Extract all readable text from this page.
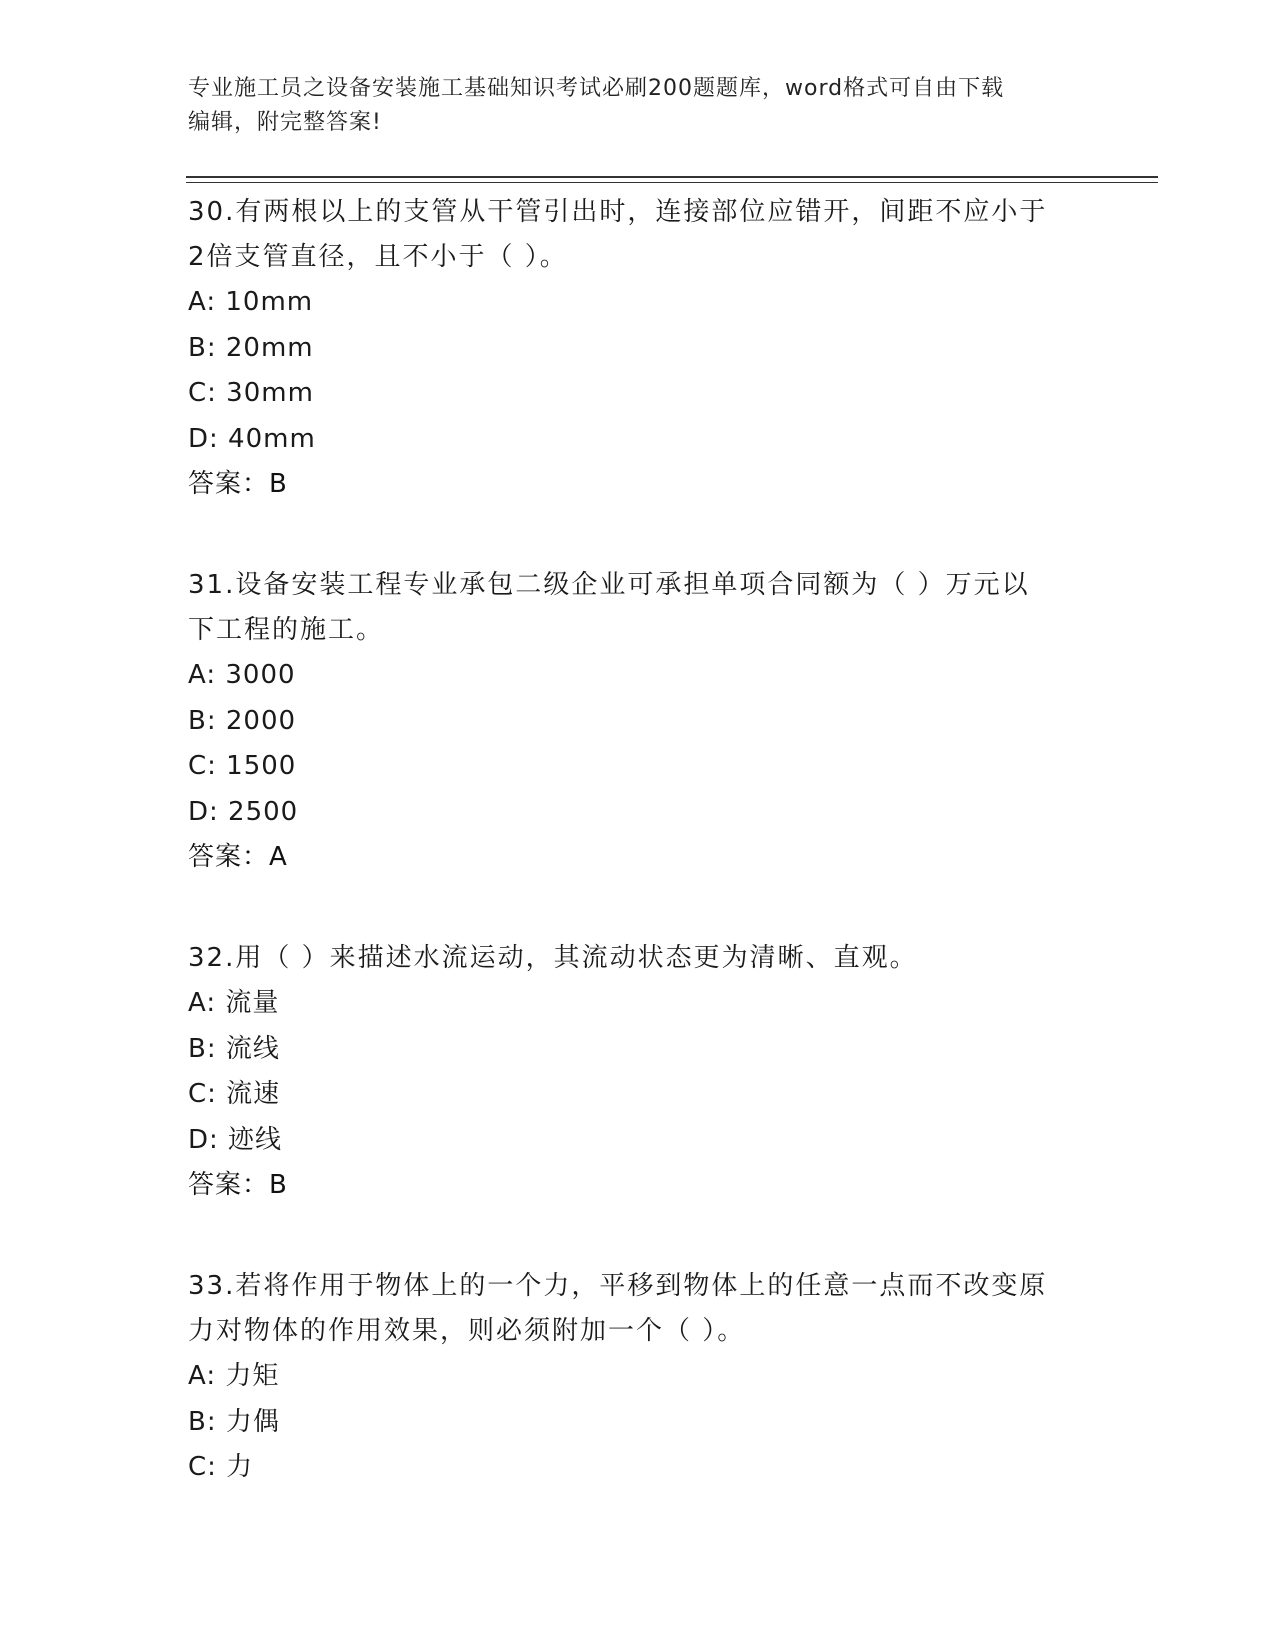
专业施工员之设备安装施工基础知识考试必刷200题题库，word格式可自由下载
编辑，附完整答案!
30.有两根以上的支管从干管引出时，连接部位应错开，间距不应小于
2倍支管直径，且不小于（ ）。
A: 10mm
B: 20mm
C: 30mm
D: 40mm
答案：B
31.设备安装工程专业承包二级企业可承担单项合同额为（ ）万元以
下工程的施工。
A: 3000
B: 2000
C: 1500
D: 2500
答案：A
32.用（ ）来描述水流运动，其流动状态更为清晰、直观。
A: 流量
B: 流线
C: 流速
D: 迹线
答案：B
33.若将作用于物体上的一个力，平移到物体上的任意一点而不改变原
力对物体的作用效果，则必须附加一个（ ）。
A: 力矩
B: 力偶
C: 力
